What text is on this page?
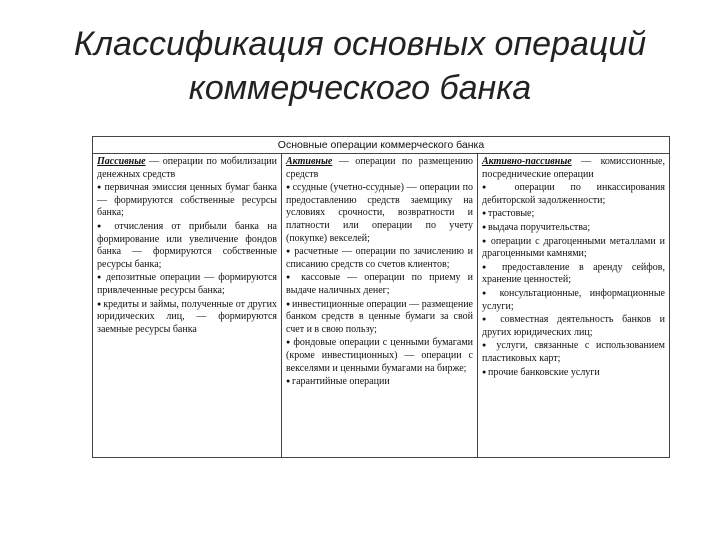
Классификация основных операций
коммерческого банка
Основные операции коммерческого банка

Пассивные — операции по мобилизации денежных средств

● первичная эмиссия ценных бумаг банка — формируются собственные ресурсы банка;

● отчисления от прибыли банка на формирование или увеличение фондов банка — формируются собственные ресурсы банка;

● депозитные операции — формируются привлеченные ресурсы банка;

● кредиты и займы, полученные от других юридических лиц, — формируются заемные ресурсы банка

Активные — операции по размещению средств

● ссудные (учетно-ссудные) — операции по предоставлению средств заемщику на условиях срочности, возвратности и платности или операции по учету (покупке) векселей;

● расчетные — операции по зачислению и списанию средств со счетов клиентов;

● кассовые — операции по приему и выдаче наличных денег;

● инвестиционные операции — размещение банком средств в ценные бумаги за свой счет и в свою пользу;

● фондовые операции с ценными бумагами (кроме инвестиционных) — операции с векселями и ценными бумагами на бирже;

● гарантийные операции

Активно-пассивные — комиссионные, посреднические операции

● операции по инкассирования дебиторской задолженности;

● трастовые;

● выдача поручительства;

● операции с драгоценными металлами и драгоценными камнями;

● предоставление в аренду сейфов, хранение ценностей;

● консультационные, информационные услуги;

● совместная деятельность банков и других юридических лиц;

● услуги, связанные с использованием пластиковых карт;

● прочие банковские услуги
